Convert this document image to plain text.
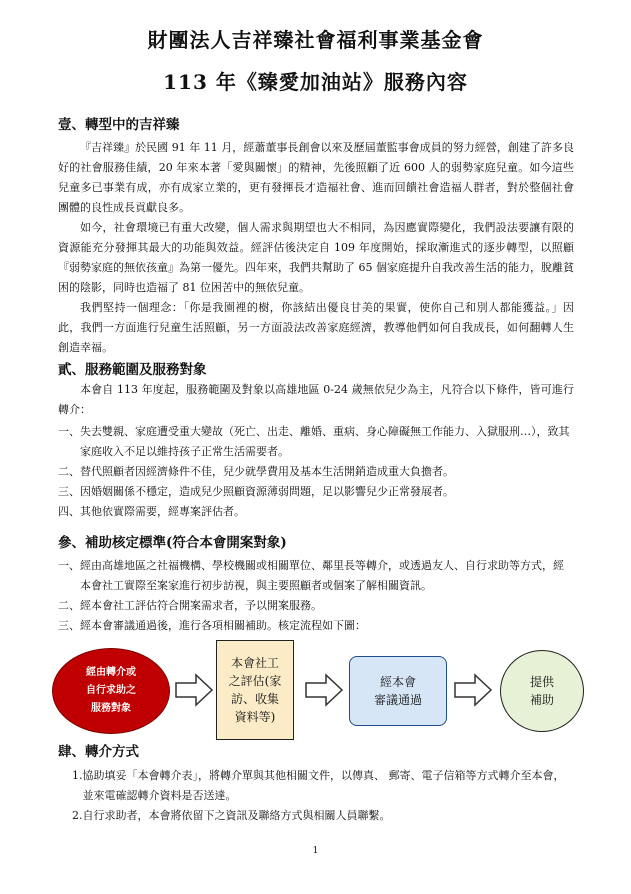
財團法人吉祥臻社會福利事業基金會
113 年《臻愛加油站》服務內容
壹、轉型中的吉祥臻

『吉祥臻』於民國 91 年 11 月，經蕭董事長創會以來及歷屆董監事會成員的努力經營，創建了許多良好的社會服務佳績，20 年來本著「愛與關懷」的精神，先後照顧了近 600 人的弱勢家庭兒童。如今這些兒童多已事業有成，亦有成家立業的，更有發揮長才造福社會、進而回饋社會造福人群者，對於整個社會團體的良性成長貢獻良多。

如今，社會環境已有重大改變，個人需求與期望也大不相同，為因應實際變化，我們設法要讓有限的資源能充分發揮其最大的功能與效益。經評估後決定自 109 年度開始，採取漸進式的逐步轉型，以照顧『弱勢家庭的無依孩童』為第一優先。四年來，我們共幫助了 65 個家庭提升自我改善生活的能力，脫離貧困的陰影，同時也造福了 81 位困苦中的無依兒童。

我們堅持一個理念：「你是我園裡的樹，你該結出優良甘美的果實，使你自己和別人都能獲益。」因此，我們一方面進行兒童生活照顧，另一方面設法改善家庭經濟，教導他們如何自我成長，如何翻轉人生創造幸福。

貳、服務範圍及服務對象

本會自 113 年度起，服務範圍及對象以高雄地區 0-24 歲無依兒少為主，凡符合以下條件，皆可進行轉介：

一、 失去雙親、家庭遭受重大變故（死亡、出走、離婚、重病、身心障礙無工作能力、入獄服刑…），致其家庭收入不足以維持孩子正常生活需要者。
二、 替代照顧者因經濟條件不佳，兒少就學費用及基本生活開銷造成重大負擔者。
三、 因婚姻關係不穩定，造成兒少照顧資源薄弱問題，足以影響兒少正常發展者。
四、 其他依實際需要，經專案評估者。
參、補助核定標準(符合本會開案對象)
一、 經由高雄地區之社福機構、學校機關或相關單位、鄰里長等轉介，或透過友人、自行求助等方式，經本會社工實際至案家進行初步訪視，與主要照顧者或個案了解相關資訊。
二、 經本會社工評估符合開案需求者，予以開案服務。
三、 經本會審議通過後，進行各項相關補助。核定流程如下圖：
經由轉介或
自行求助之
服務對象
本會社工
之評估(家
訪、收集
資料等)
經本會
審議通過
提供
補助
肆、轉介方式
1. 協助填妥「本會轉介表」，將轉介單與其他相關文件，以傳真、 郵寄、電子信箱等方式轉介至本會，並來電確認轉介資料是否送達。
2. 自行求助者，本會將依留下之資訊及聯絡方式與相關人員聯繫。
1
